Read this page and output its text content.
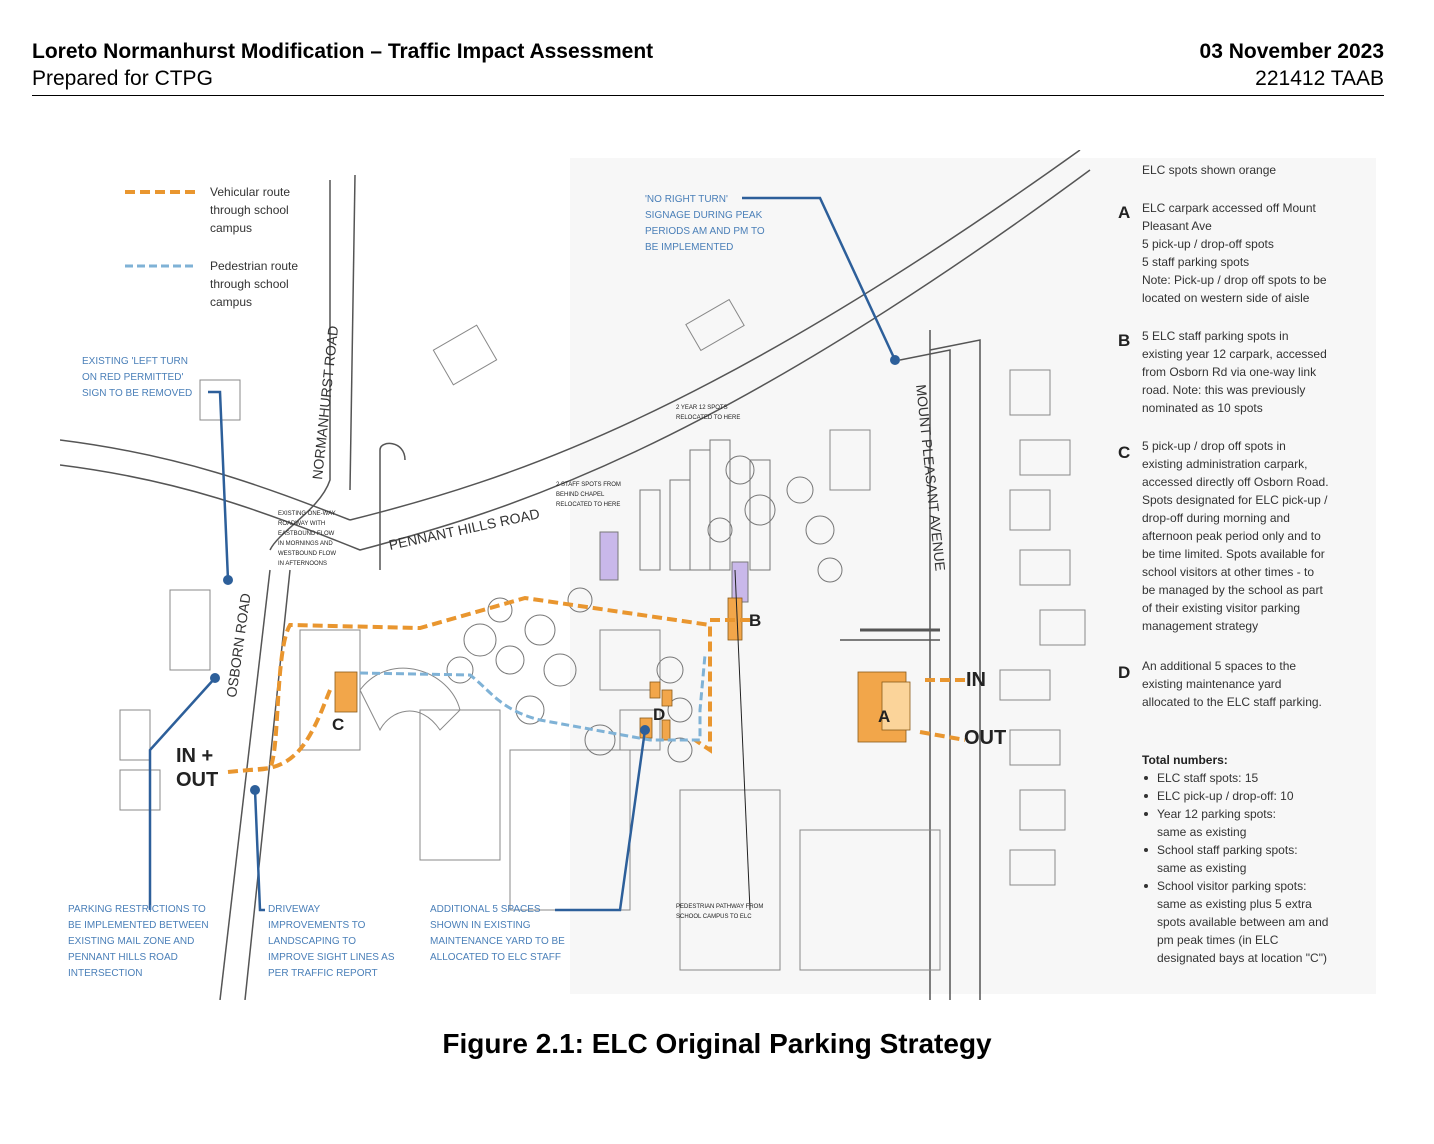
Loreto Normanhurst Modification – Traffic Impact Assessment
Prepared for CTPG
03 November 2023
221412 TAAB
Vehicular route through school campus
Pedestrian route through school campus
NORMANHURST ROAD
PENNANT HILLS ROAD
OSBORN ROAD
MOUNT PLEASANT AVENUE
'NO RIGHT TURN' SIGNAGE DURING PEAK PERIODS AM AND PM TO BE IMPLEMENTED
EXISTING 'LEFT TURN ON RED PERMITTED' SIGN TO BE REMOVED
PARKING RESTRICTIONS TO BE IMPLEMENTED BETWEEN EXISTING MAIL ZONE AND PENNANT HILLS ROAD INTERSECTION
DRIVEWAY IMPROVEMENTS TO LANDSCAPING TO IMPROVE SIGHT LINES AS PER TRAFFIC REPORT
ADDITIONAL 5 SPACES SHOWN IN EXISTING MAINTENANCE YARD TO BE ALLOCATED TO ELC STAFF
EXISTING ONE-WAY ROADWAY WITH EASTBOUND FLOW IN MORNINGS AND WESTBOUND FLOW IN AFTERNOONS
2 STAFF SPOTS FROM BEHIND CHAPEL RELOCATED TO HERE
2 YEAR 12 SPOTS RELOCATED TO HERE
PEDESTRIAN PATHWAY FROM SCHOOL CAMPUS TO ELC
IN + OUT
IN
OUT
A
B
C
D
ELC spots shown orange
A ELC carpark accessed off Mount Pleasant Ave 5 pick-up / drop-off spots 5 staff parking spots Note: Pick-up / drop off spots to be located on western side of aisle
B 5 ELC staff parking spots in existing year 12 carpark, accessed from Osborn Rd via one-way link road. Note: this was previously nominated as 10 spots
C 5 pick-up / drop off spots in existing administration carpark, accessed directly off Osborn Road. Spots designated for ELC pick-up / drop-off during morning and afternoon peak period only and to be time limited. Spots available for school visitors at other times - to be managed by the school as part of their existing visitor parking management strategy
D An additional 5 spaces to the existing maintenance yard allocated to the ELC staff parking.
Total numbers:
ELC staff spots: 15 ELC pick-up / drop-off: 10 Year 12 parking spots: same as existing School staff parking spots: same as existing School visitor parking spots: same as existing plus 5 extra spots available between am and pm peak times (in ELC designated bays at location "C")
Figure 2.1: ELC Original Parking Strategy
